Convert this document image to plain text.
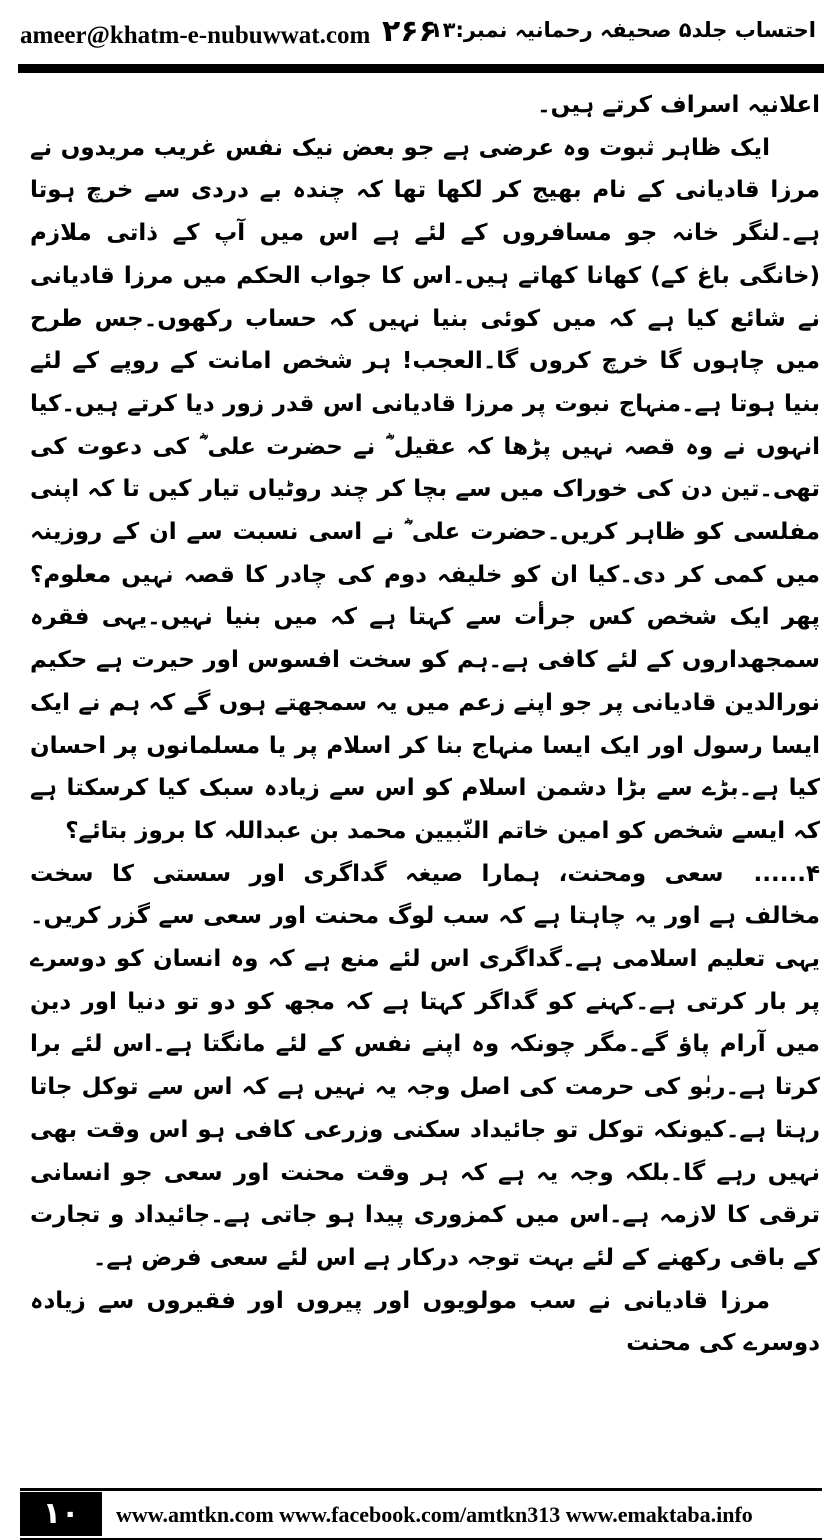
ameer@khatm-e-nubuwwat.com ۲۶۶
احتساب جلد۵ صحیفہ رحمانیہ نمبر:۱۳

اعلانیہ اسراف کرتے ہیں۔

ایک ظاہر ثبوت وہ عرضی ہے جو بعض نیک نفس غریب مریدوں نے مرزا قادیانی کے نام بھیج کر لکھا تھا کہ چندہ بے دردی سے خرچ ہوتا ہے۔لنگر خانہ جو مسافروں کے لئے ہے اس میں آپ کے ذاتی ملازم (خانگی باغ کے) کھانا کھاتے ہیں۔اس کا جواب الحکم میں مرزا قادیانی نے شائع کیا ہے کہ میں کوئی بنیا نہیں کہ حساب رکھوں۔جس طرح میں چاہوں گا خرچ کروں گا۔العجب! ہر شخص امانت کے روپے کے لئے بنیا ہوتا ہے۔منہاج نبوت پر مرزا قادیانی اس قدر زور دیا کرتے ہیں۔کیا انہوں نے وہ قصہ نہیں پڑھا کہ عقیل ؓ نے حضرت علی ؓ کی دعوت کی تھی۔تین دن کی خوراک میں سے بچا کر چند روٹیاں تیار کیں تا کہ اپنی مفلسی کو ظاہر کریں۔حضرت علی ؓ نے اسی نسبت سے ان کے روزینہ میں کمی کر دی۔کیا ان کو خلیفہ دوم کی چادر کا قصہ نہیں معلوم؟ پھر ایک شخص کس جرأت سے کہتا ہے کہ میں بنیا نہیں۔یہی فقرہ سمجھداروں کے لئے کافی ہے۔ہم کو سخت افسوس اور حیرت ہے حکیم نورالدین قادیانی پر جو اپنے زعم میں یہ سمجھتے ہوں گے کہ ہم نے ایک ایسا رسول اور ایک ایسا منہاج بنا کر اسلام پر یا مسلمانوں پر احسان کیا ہے۔بڑے سے بڑا دشمن اسلام کو اس سے زیادہ سبک کیا کرسکتا ہے کہ ایسے شخص کو امین خاتم النّبیین محمد بن عبداللہ کا بروز بتائے؟

۴......سعی ومحنت، ہمارا صیغہ گداگری اور سستی کا سخت مخالف ہے اور یہ چاہتا ہے کہ سب لوگ محنت اور سعی سے گزر کریں۔یہی تعلیم اسلامی ہے۔گداگری اس لئے منع ہے کہ وہ انسان کو دوسرے پر بار کرتی ہے۔کہنے کو گداگر کہتا ہے کہ مجھ کو دو تو دنیا اور دین میں آرام پاؤ گے۔مگر چونکہ وہ اپنے نفس کے لئے مانگتا ہے۔اس لئے برا کرتا ہے۔ربٰو کی حرمت کی اصل وجہ یہ نہیں ہے کہ اس سے توکل جاتا رہتا ہے۔کیونکہ توکل تو جائیداد سکنی وزرعی کافی ہو اس وقت بھی نہیں رہے گا۔بلکہ وجہ یہ ہے کہ ہر وقت محنت اور سعی جو انسانی ترقی کا لازمہ ہے۔اس میں کمزوری پیدا ہو جاتی ہے۔جائیداد و تجارت کے باقی رکھنے کے لئے بہت توجہ درکار ہے اس لئے سعی فرض ہے۔

مرزا قادیانی نے سب مولویوں اور پیروں اور فقیروں سے زیادہ دوسرے کی محنت

۱۰	www.amtkn.com www.facebook.com/amtkn313 www.emaktaba.info
